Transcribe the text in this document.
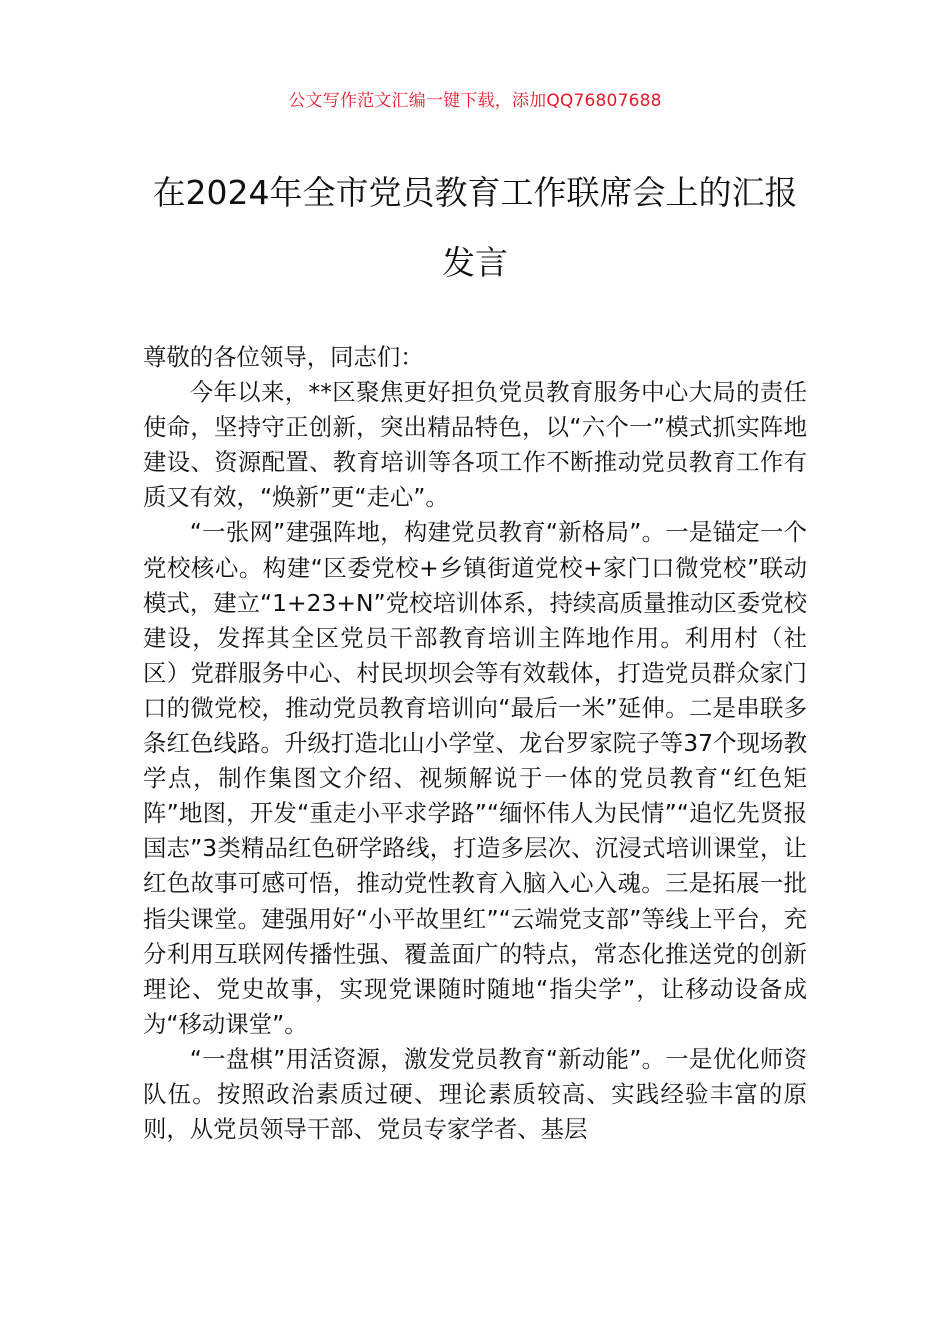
公文写作范文汇编一键下载，添加QQ76807688
在2024年全市党员教育工作联席会上的汇报发言

尊敬的各位领导，同志们：

今年以来，**区聚焦更好担负党员教育服务中心大局的责任使命，坚持守正创新，突出精品特色，以“六个一”模式抓实阵地建设、资源配置、教育培训等各项工作不断推动党员教育工作有质又有效，“焕新”更“走心”。

“一张网”建强阵地，构建党员教育“新格局”。一是锚定一个党校核心。构建“区委党校+乡镇街道党校+家门口微党校”联动模式，建立“1+23+N”党校培训体系，持续高质量推动区委党校建设，发挥其全区党员干部教育培训主阵地作用。利用村（社区）党群服务中心、村民坝坝会等有效载体，打造党员群众家门口的微党校，推动党员教育培训向“最后一米”延伸。二是串联多条红色线路。升级打造北山小学堂、龙台罗家院子等37个现场教学点，制作集图文介绍、视频解说于一体的党员教育“红色矩阵”地图，开发“重走小平求学路”“缅怀伟人为民情”“追忆先贤报国志”3类精品红色研学路线，打造多层次、沉浸式培训课堂，让红色故事可感可悟，推动党性教育入脑入心入魂。三是拓展一批指尖课堂。建强用好“小平故里红”“云端党支部”等线上平台，充分利用互联网传播性强、覆盖面广的特点，常态化推送党的创新理论、党史故事，实现党课随时随地“指尖学”，让移动设备成为“移动课堂”。

“一盘棋”用活资源，激发党员教育“新动能”。一是优化师资队伍。按照政治素质过硬、理论素质较高、实践经验丰富的原则，从党员领导干部、党员专家学者、基层
